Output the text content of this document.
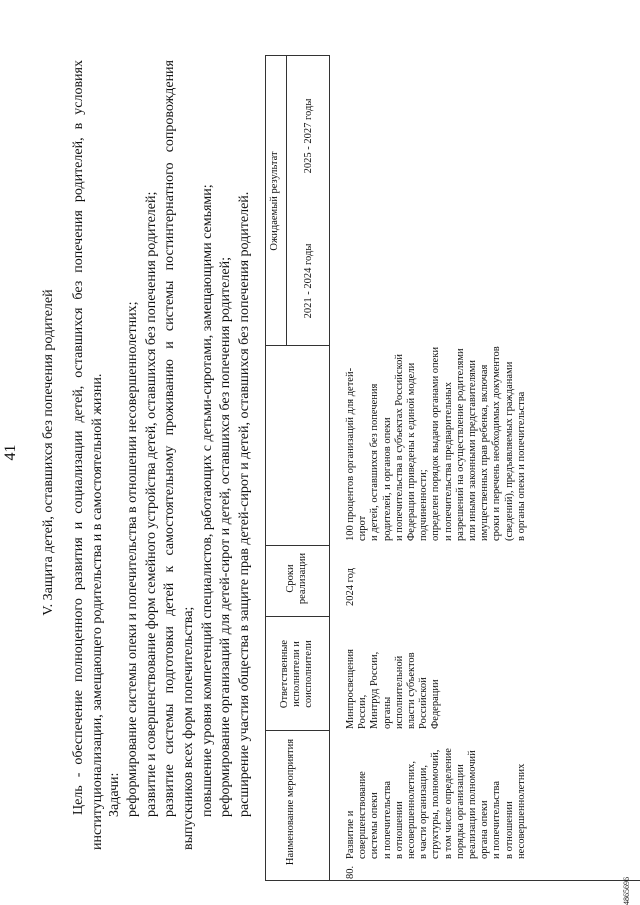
41 V. Защита детей, оставшихся без попечения родителей Цель - обеспечение полноценного развития и социализации детей, оставшихся без попечения родителей, в условиях институционализации, замещающего родительства и в самостоятельной жизни. Задачи: реформирование системы опеки и попечительства в отношении несовершеннолетних; развитие и совершенствование форм семейного устройства детей, оставшихся без попечения родителей; развитие системы подготовки детей к самостоятельному проживанию и системы постинтернатного сопровождения выпускников всех форм попечительства; повышение уровня компетенций специалистов, работающих с детьми-сиротами, замещающими семьями; реформирование организаций для детей-сирот и детей, оставшихся без попечения родителей; расширение участия общества в защите прав детей-сирот и детей, оставшихся без попечения родителей.	Наименование мероприятия
Ответственные исполнители и соисполнители
Сроки реализации
Ожидаемый результат
2021 - 2024 годы
2025 - 2027 годы
80.
Развитие и
совершенствование
системы опеки
и попечительства
в отношении
несовершеннолетних,
в части организации,
структуры, полномочий,
в том числе определение
порядка организации
реализации полномочий
органа опеки
и попечительства
в отношении
несовершеннолетних
Минпросвещения
России,
Минтруд России,
органы
исполнительной
власти субъектов
Российской
Федерации
2024 год
100 процентов организаций для детей-сирот
и детей, оставшихся без попечения
родителей, и органов опеки
и попечительства в субъектах Российской
Федерации приведены к единой модели
подчиненности;
определен порядок выдачи органами опеки
и попечительства предварительных
разрешений на осуществление родителями
или иными законными представителями
имущественных прав ребенка, включая
сроки и перечень необходимых документов
(сведений), предъявляемых гражданами
в органы опеки и попечительства
4865696
